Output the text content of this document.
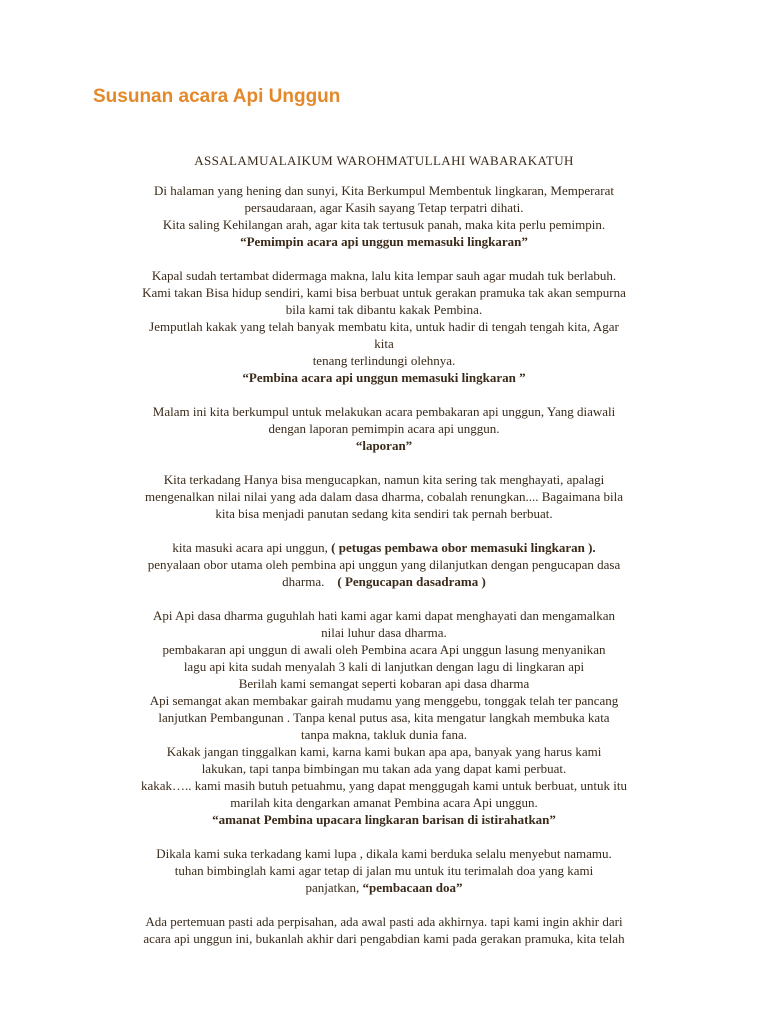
Susunan acara Api Unggun
ASSALAMUALAIKUM WAROHMATULLAHI WABARAKATUH
Di halaman yang hening dan sunyi, Kita Berkumpul Membentuk lingkaran, Memperarat
persaudaraan, agar Kasih sayang Tetap terpatri dihati.
Kita saling Kehilangan arah, agar kita tak tertusuk panah, maka kita perlu pemimpin.
“Pemimpin acara api unggun memasuki lingkaran”
Kapal sudah tertambat didermaga makna, lalu kita lempar sauh agar mudah tuk berlabuh.
Kami takan Bisa hidup sendiri, kami bisa berbuat untuk gerakan pramuka tak akan sempurna
bila kami tak dibantu kakak Pembina.
Jemputlah kakak yang telah banyak membatu kita, untuk hadir di tengah tengah kita, Agar
kita
tenang terlindungi olehnya.
“Pembina acara api unggun memasuki lingkaran ”
Malam ini kita berkumpul untuk melakukan acara pembakaran api unggun, Yang diawali
dengan laporan pemimpin acara api unggun.
“laporan”
Kita terkadang Hanya bisa mengucapkan, namun kita sering tak menghayati, apalagi
mengenalkan nilai nilai yang ada dalam dasa dharma, cobalah renungkan.... Bagaimana bila
kita bisa menjadi panutan sedang kita sendiri tak pernah berbuat.
kita masuki acara api unggun, ( petugas pembawa obor memasuki lingkaran ).
penyalaan obor utama oleh pembina api unggun yang dilanjutkan dengan pengucapan dasa
dharma. ( Pengucapan dasadrama )
Api Api dasa dharma guguhlah hati kami agar kami dapat menghayati dan mengamalkan
nilai luhur dasa dharma.
pembakaran api unggun di awali oleh Pembina acara Api unggun lasung menyanikan
lagu api kita sudah menyalah 3 kali di lanjutkan dengan lagu di lingkaran api
Berilah kami semangat seperti kobaran api dasa dharma
Api semangat akan membakar gairah mudamu yang menggebu, tonggak telah ter pancang
lanjutkan Pembangunan . Tanpa kenal putus asa, kita mengatur langkah membuka kata
tanpa makna, takluk dunia fana.
Kakak jangan tinggalkan kami, karna kami bukan apa apa, banyak yang harus kami
lakukan, tapi tanpa bimbingan mu takan ada yang dapat kami perbuat.
kakak….. kami masih butuh petuahmu, yang dapat menggugah kami untuk berbuat, untuk itu
marilah kita dengarkan amanat Pembina acara Api unggun.
“amanat Pembina upacara lingkaran barisan di istirahatkan”
Dikala kami suka terkadang kami lupa , dikala kami berduka selalu menyebut namamu.
tuhan bimbinglah kami agar tetap di jalan mu untuk itu terimalah doa yang kami
panjatkan, “pembacaan doa”
Ada pertemuan pasti ada perpisahan, ada awal pasti ada akhirnya. tapi kami ingin akhir dari
acara api unggun ini, bukanlah akhir dari pengabdian kami pada gerakan pramuka, kita telah
